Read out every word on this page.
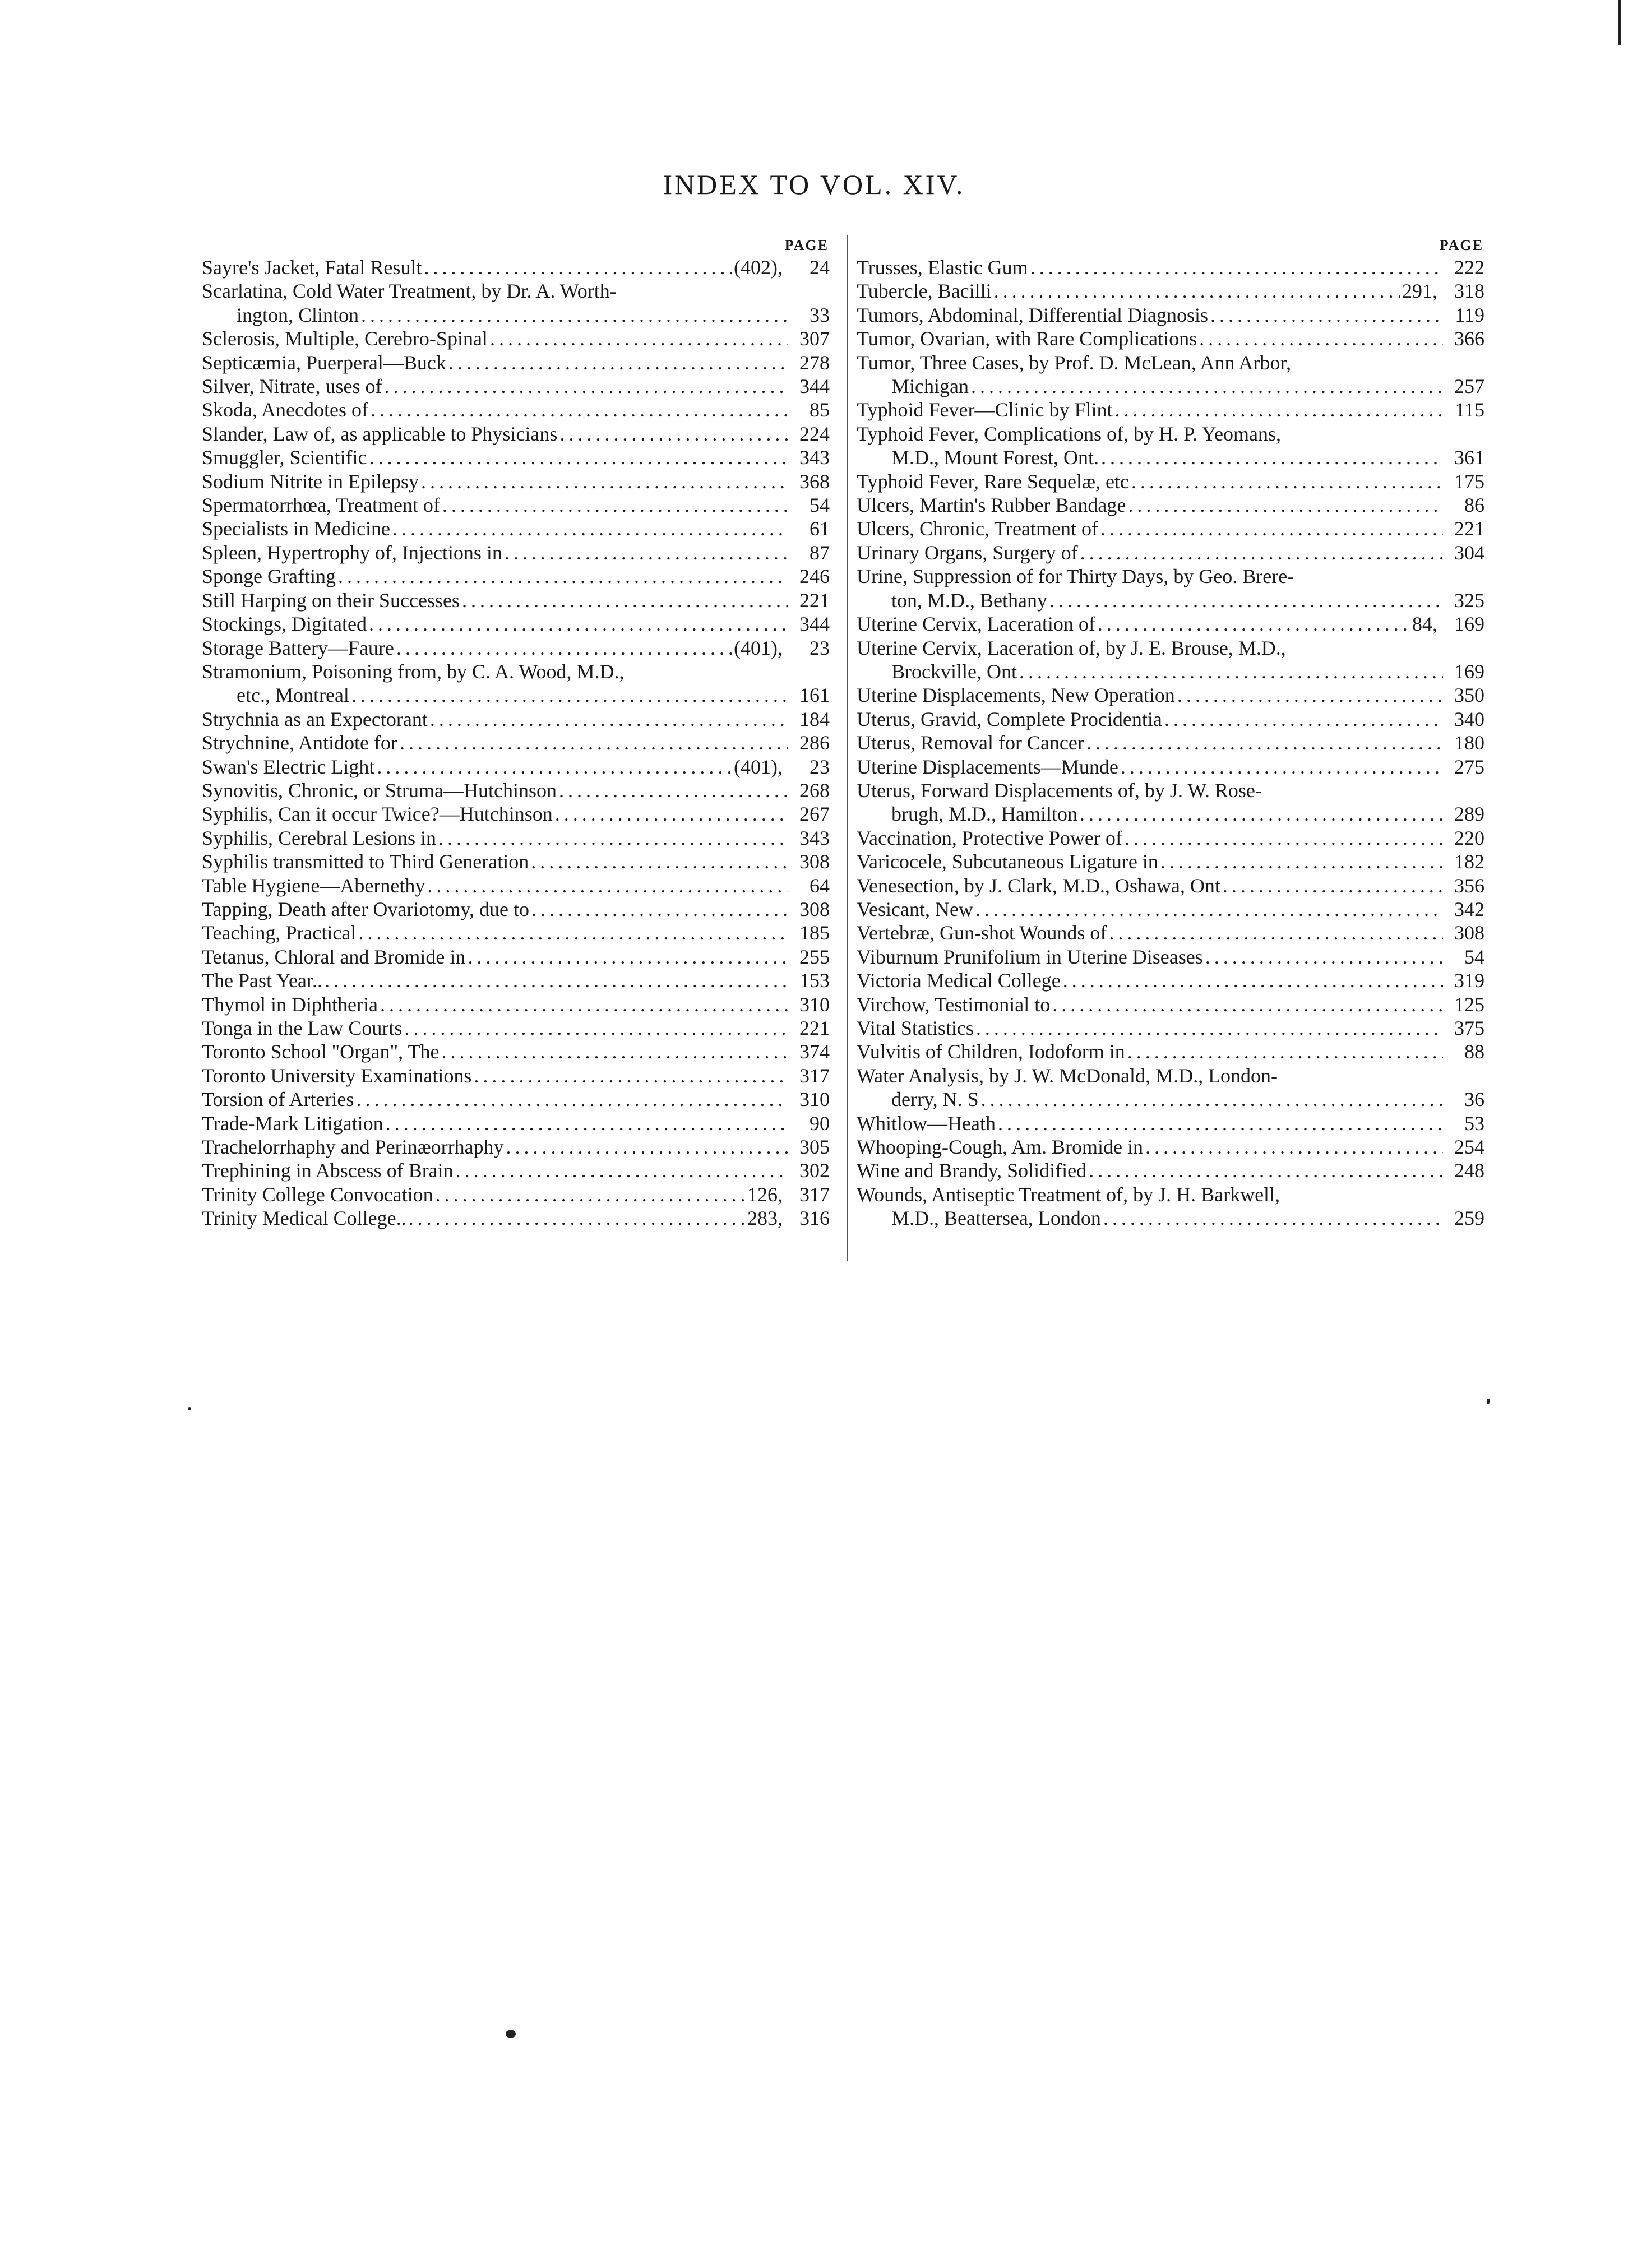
INDEX TO VOL. XIV.
PAGE
Sayre's Jacket, Fatal Result . . .	(402),	24
Scarlatina, Cold Water Treatment, by Dr. A. Worth-
ington, Clinton . . .	33
Sclerosis, Multiple, Cerebro-Spinal . . .	307
Septicæmia, Puerperal—Buck . . .	278
Silver, Nitrate, uses of . . .	344
Skoda, Anecdotes of . . .	85
Slander, Law of, as applicable to Physicians . . .	224
Smuggler, Scientific . . .	343
Sodium Nitrite in Epilepsy . . .	368
Spermatorrhœa, Treatment of . . .	54
Specialists in Medicine . . .	61
Spleen, Hypertrophy of, Injections in . . .	87
Sponge Grafting . . .	246
Still Harping on their Successes . . .	221
Stockings, Digitated . . .	344
Storage Battery—Faure . . .	(401),	23
Stramonium, Poisoning from, by C. A. Wood, M.D.,
etc., Montreal . . .	161
Strychnia as an Expectorant . . .	184
Strychnine, Antidote for . . .	286
Swan's Electric Light . . .	(401),	23
Synovitis, Chronic, or Struma—Hutchinson . . .	268
Syphilis, Can it occur Twice?—Hutchinson . . .	267
Syphilis, Cerebral Lesions in . . .	343
Syphilis transmitted to Third Generation . . .	308
Table Hygiene—Abernethy . . .	64
Tapping, Death after Ovariotomy, due to . . .	308
Teaching, Practical . . .	185
Tetanus, Chloral and Bromide in . . .	255
The Past Year.. . . .	153
Thymol in Diphtheria . . .	310
Tonga in the Law Courts . . .	221
Toronto School "Organ", The . . .	374
Toronto University Examinations . . .	317
Torsion of Arteries . . .	310
Trade-Mark Litigation . . .	90
Trachelorrhaphy and Perinæorrhaphy . . .	305
Trephining in Abscess of Brain . . .	302
Trinity College Convocation . . .	126, 317
Trinity Medical College.. . . .	283, 316
PAGE
Trusses, Elastic Gum . . .	222
Tubercle, Bacilli . . .	291, 318
Tumors, Abdominal, Differential Diagnosis . . .	119
Tumor, Ovarian, with Rare Complications . . .	366
Tumor, Three Cases, by Prof. D. McLean, Ann Arbor,
Michigan . . .	257
Typhoid Fever—Clinic by Flint . . .	115
Typhoid Fever, Complications of, by H. P. Yeomans,
M.D., Mount Forest, Ont. . . .	361
Typhoid Fever, Rare Sequelæ, etc . . .	175
Ulcers, Martin's Rubber Bandage . . .	86
Ulcers, Chronic, Treatment of . . .	221
Urinary Organs, Surgery of . . .	304
Urine, Suppression of for Thirty Days, by Geo. Brere-
ton, M.D., Bethany . . .	325
Uterine Cervix, Laceration of . . .	84, 169
Uterine Cervix, Laceration of, by J. E. Brouse, M.D.,
Brockville, Ont . . .	169
Uterine Displacements, New Operation . . .	350
Uterus, Gravid, Complete Procidentia . . .	340
Uterus, Removal for Cancer . . .	180
Uterine Displacements—Munde . . .	275
Uterus, Forward Displacements of, by J. W. Rose-
brugh, M.D., Hamilton . . .	289
Vaccination, Protective Power of . . .	220
Varicocele, Subcutaneous Ligature in . . .	182
Venesection, by J. Clark, M.D., Oshawa, Ont . . .	356
Vesicant, New . . .	342
Vertebræ, Gun-shot Wounds of . . .	308
Viburnum Prunifolium in Uterine Diseases . . .	54
Victoria Medical College . . .	319
Virchow, Testimonial to . . .	125
Vital Statistics . . .	375
Vulvitis of Children, Iodoform in . . .	88
Water Analysis, by J. W. McDonald, M.D., London-
derry, N. S . . .	36
Whitlow—Heath . . .	53
Whooping-Cough, Am. Bromide in . . .	254
Wine and Brandy, Solidified . . .	248
Wounds, Antiseptic Treatment of, by J. H. Barkwell,
M.D., Beattersea, London . . .	259
